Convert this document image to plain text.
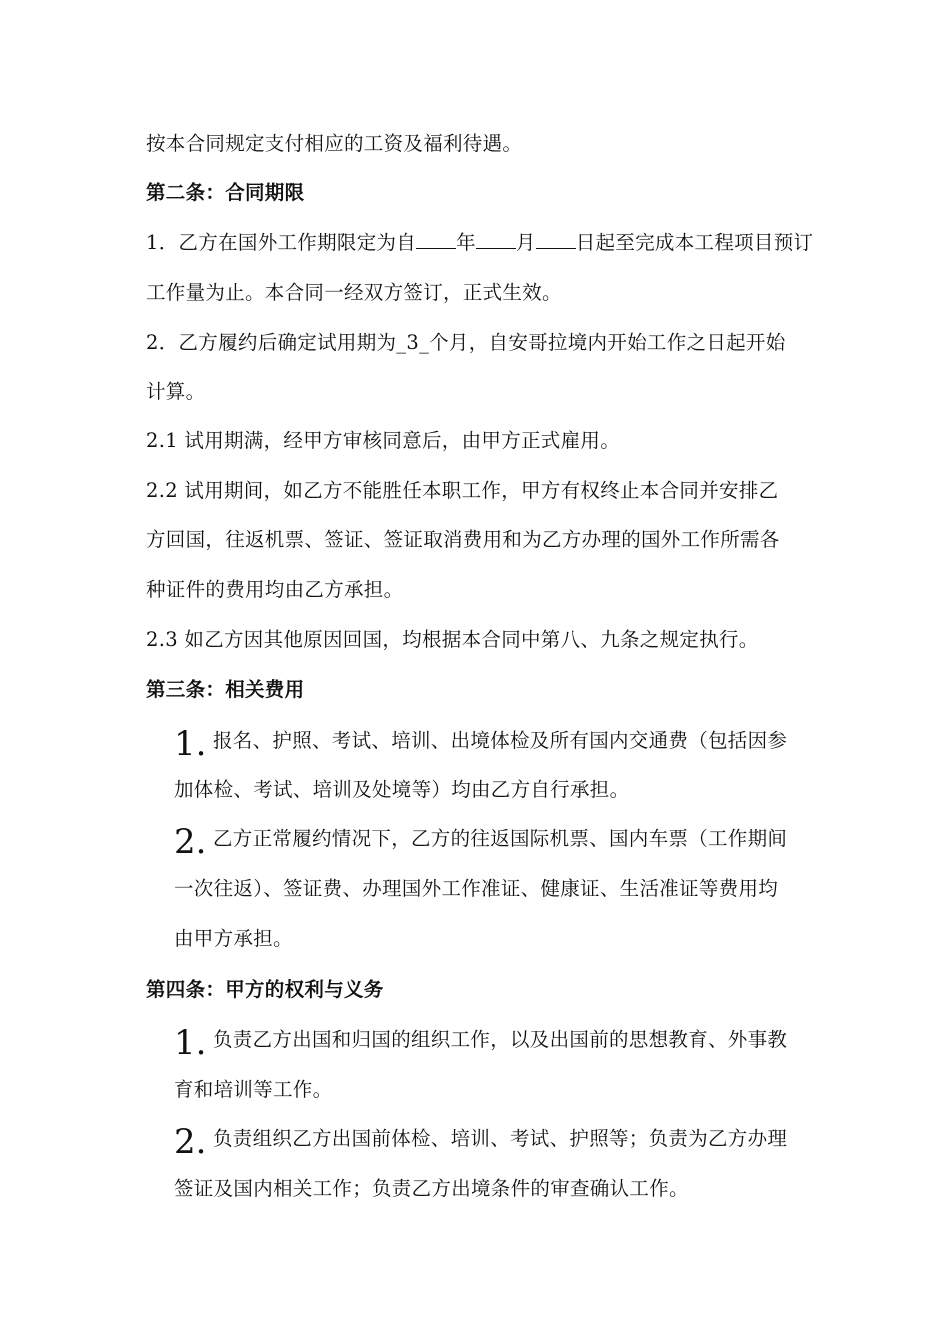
按本合同规定支付相应的工资及福利待遇。
第二条：合同期限
1．乙方在国外工作期限定为自 年 月 日起至完成本工程项目预订
工作量为止。本合同一经双方签订，正式生效。
2．乙方履约后确定试用期为_3_个月，自安哥拉境内开始工作之日起开始
计算。
2.1 试用期满，经甲方审核同意后，由甲方正式雇用。
2.2 试用期间，如乙方不能胜任本职工作，甲方有权终止本合同并安排乙
方回国，往返机票、签证、签证取消费用和为乙方办理的国外工作所需各
种证件的费用均由乙方承担。
2.3 如乙方因其他原因回国，均根据本合同中第八、九条之规定执行。
第三条：相关费用
1. 报名、护照、考试、培训、出境体检及所有国内交通费（包括因参
加体检、考试、培训及处境等）均由乙方自行承担。
2. 乙方正常履约情况下，乙方的往返国际机票、国内车票（工作期间
一次往返）、签证费、办理国外工作准证、健康证、生活准证等费用均
由甲方承担。
第四条：甲方的权利与义务
1. 负责乙方出国和归国的组织工作，以及出国前的思想教育、外事教
育和培训等工作。
2. 负责组织乙方出国前体检、培训、考试、护照等；负责为乙方办理
签证及国内相关工作；负责乙方出境条件的审查确认工作。
